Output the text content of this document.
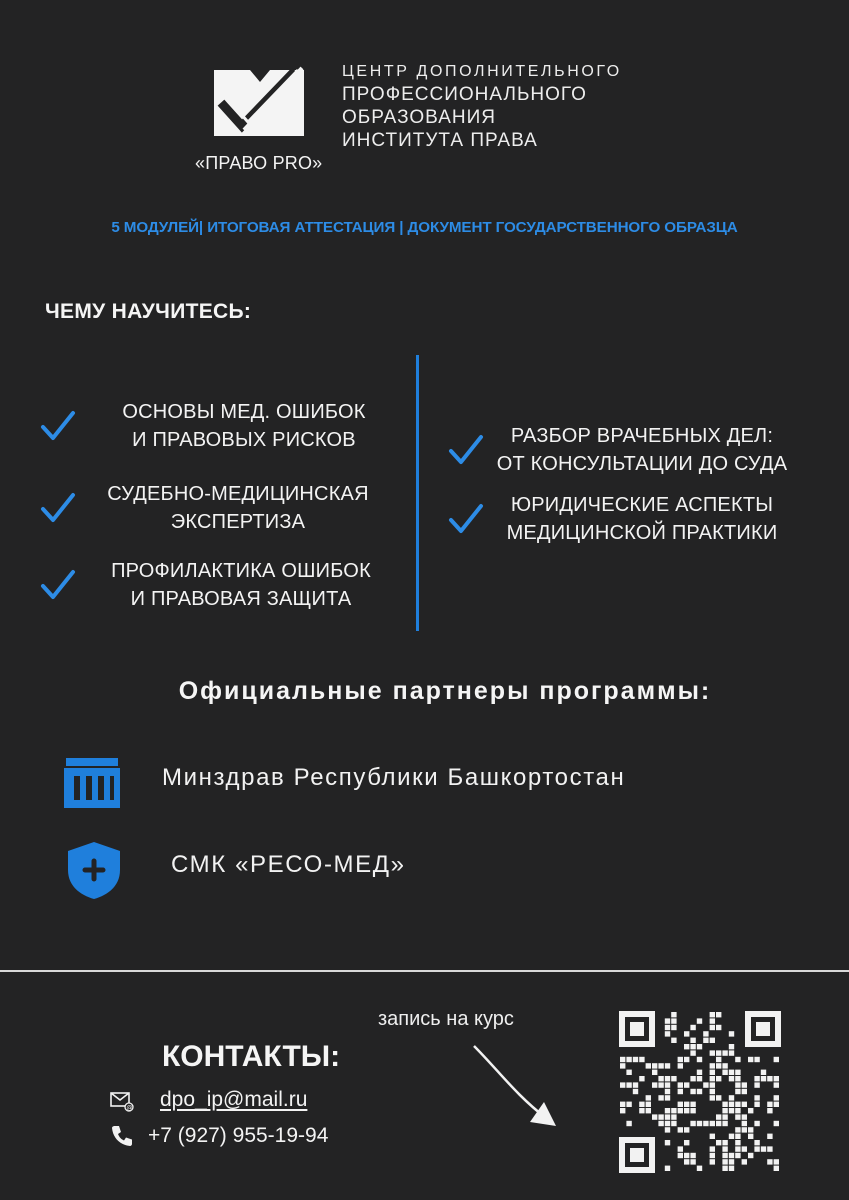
«ПРАВО PRO»
ЦЕНТР ДОПОЛНИТЕЛЬНОГО
ПРОФЕССИОНАЛЬНОГО
ОБРАЗОВАНИЯ
ИНСТИТУТА ПРАВА
5 МОДУЛЕЙ| ИТОГОВАЯ АТТЕСТАЦИЯ | ДОКУМЕНТ ГОСУДАРСТВЕННОГО ОБРАЗЦА
ЧЕМУ НАУЧИТЕСЬ:
ОСНОВЫ МЕД. ОШИБОК
И ПРАВОВЫХ РИСКОВ
СУДЕБНО-МЕДИЦИНСКАЯ
ЭКСПЕРТИЗА
ПРОФИЛАКТИКА ОШИБОК
И ПРАВОВАЯ ЗАЩИТА
РАЗБОР ВРАЧЕБНЫХ ДЕЛ:
ОТ КОНСУЛЬТАЦИИ ДО СУДА
ЮРИДИЧЕСКИЕ АСПЕКТЫ
МЕДИЦИНСКОЙ ПРАКТИКИ
Официальные партнеры программы:
Минздрав Республики Башкортостан
СМК «РЕСО-МЕД»
запись на курс
КОНТАКТЫ:
@ dpo_ip@mail.ru
+7 (927) 955-19-94
